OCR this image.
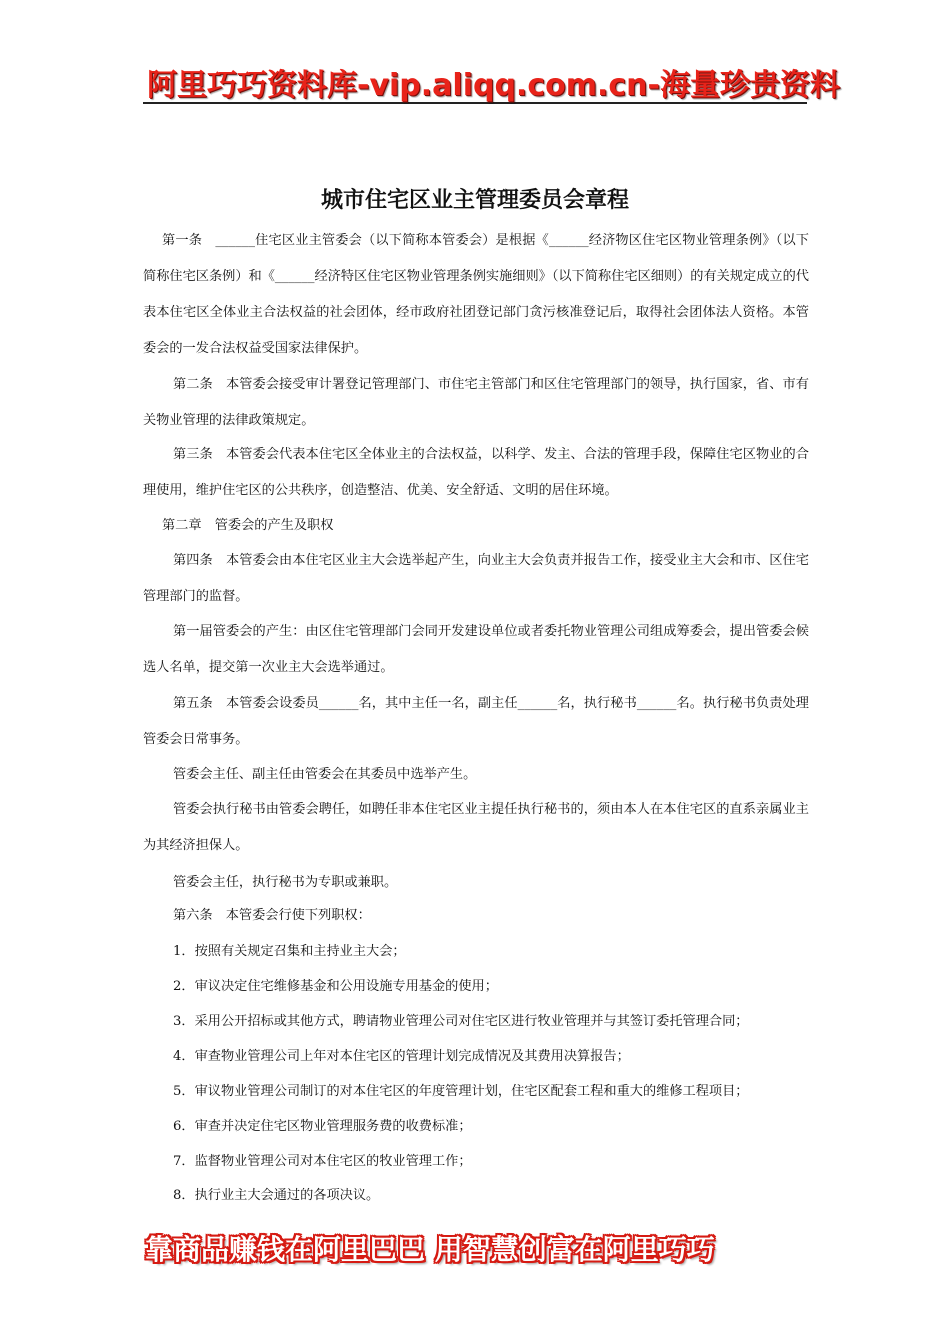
阿里巧巧资料库-vip.aliqq.com.cn-海量珍贵资料
城市住宅区业主管理委员会章程
第一条　______住宅区业主管委会（以下简称本管委会）是根据《______经济物区住宅区物业管理条例》（以下简称住宅区条例）和《______经济特区住宅区物业管理条例实施细则》（以下简称住宅区细则）的有关规定成立的代表本住宅区全体业主合法权益的社会团体，经市政府社团登记部门贪污核准登记后，取得社会团体法人资格。本管委会的一发合法权益受国家法律保护。
第二条　本管委会接受审计署登记管理部门、市住宅主管部门和区住宅管理部门的领导，执行国家，省、市有关物业管理的法律政策规定。
第三条　本管委会代表本住宅区全体业主的合法权益，以科学、发主、合法的管理手段，保障住宅区物业的合理使用，维护住宅区的公共秩序，创造整洁、优美、安全舒适、文明的居住环境。
第二章　管委会的产生及职权
第四条　本管委会由本住宅区业主大会选举起产生，向业主大会负责并报告工作，接受业主大会和市、区住宅管理部门的监督。
第一届管委会的产生：由区住宅管理部门会同开发建设单位或者委托物业管理公司组成筹委会，提出管委会候选人名单，提交第一次业主大会选举通过。
第五条　本管委会设委员______名，其中主任一名，副主任______名，执行秘书______名。执行秘书负责处理管委会日常事务。
管委会主任、副主任由管委会在其委员中选举产生。
管委会执行秘书由管委会聘任，如聘任非本住宅区业主提任执行秘书的，须由本人在本住宅区的直系亲属业主为其经济担保人。
管委会主任，执行秘书为专职或兼职。
第六条　本管委会行使下列职权：
1．按照有关规定召集和主持业主大会；
2．审议决定住宅维修基金和公用设施专用基金的使用；
3．采用公开招标或其他方式，聘请物业管理公司对住宅区进行牧业管理并与其签订委托管理合同；
4．审查物业管理公司上年对本住宅区的管理计划完成情况及其费用决算报告；
5．审议物业管理公司制订的对本住宅区的年度管理计划，住宅区配套工程和重大的维修工程项目；
6．审查并决定住宅区物业管理服务费的收费标准；
7．监督物业管理公司对本住宅区的牧业管理工作；
8．执行业主大会通过的各项决议。
靠商品赚钱在阿里巴巴 用智慧创富在阿里巧巧
